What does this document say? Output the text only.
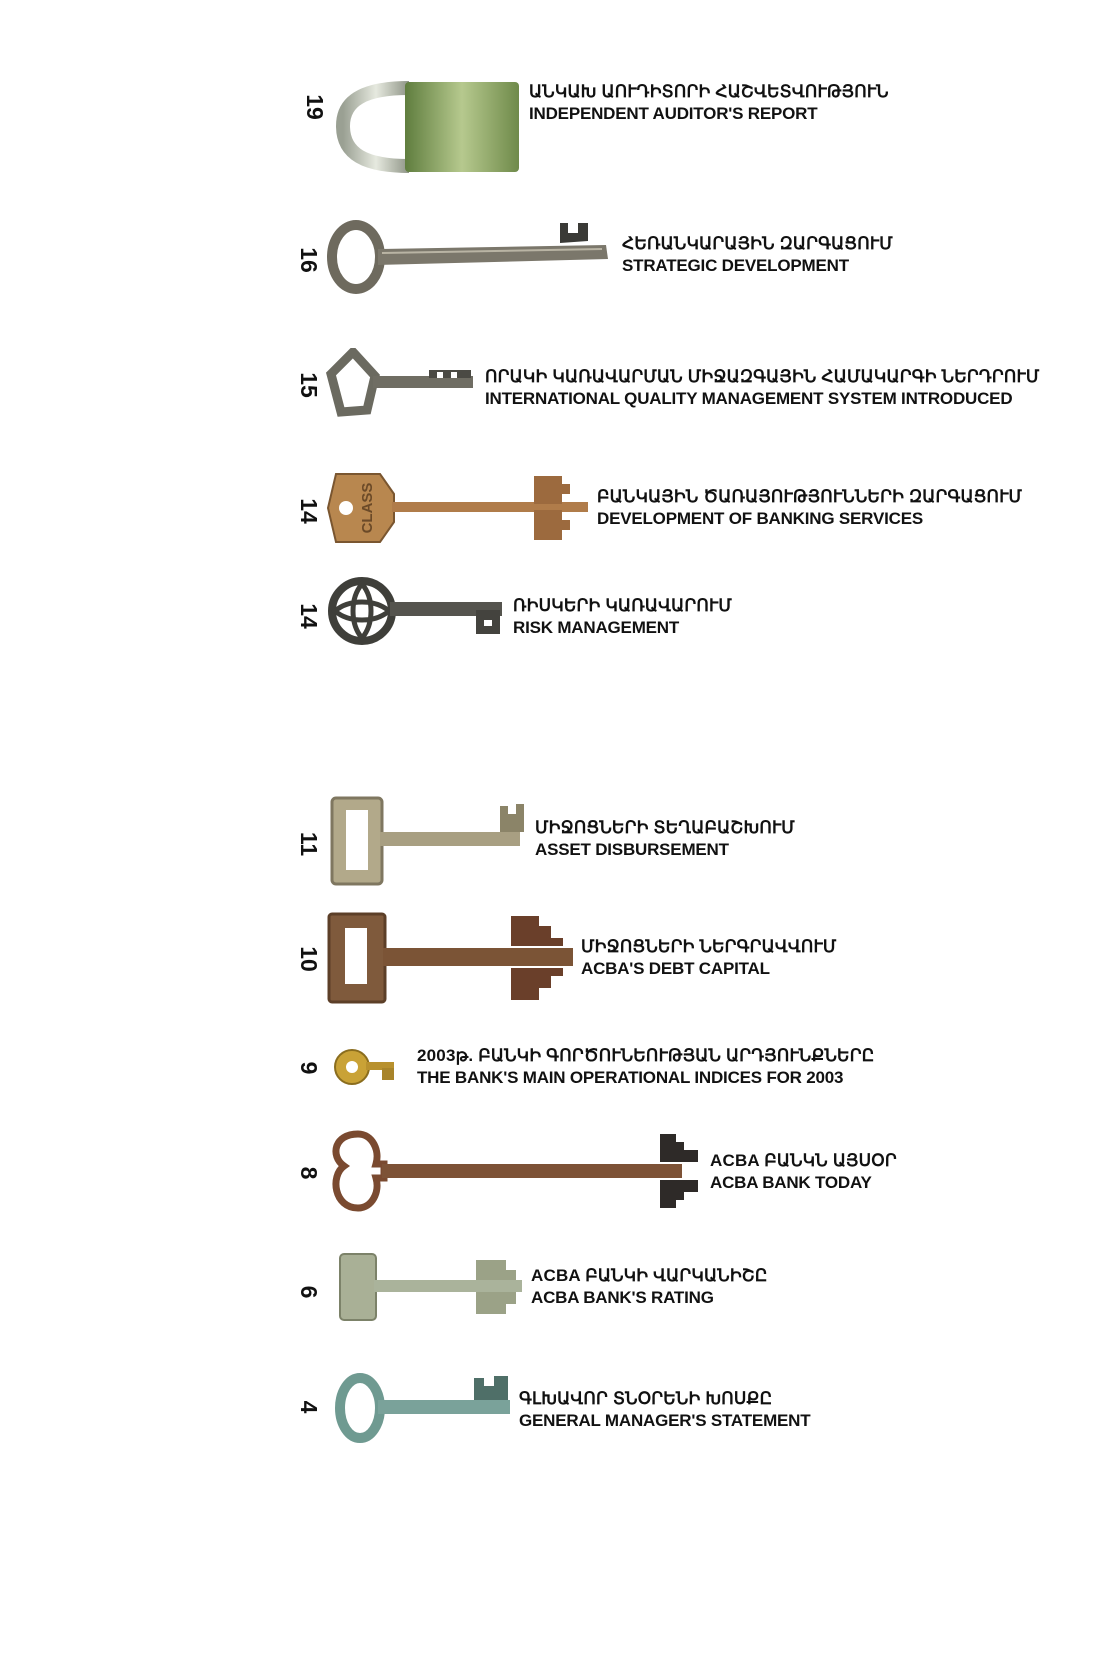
19
ԱՆԿԱԽ ԱՈՒԴԻՏՈՐԻ ՀԱՇՎԵՏՎՈՒԹՅՈՒՆ
INDEPENDENT AUDITOR'S REPORT
16
ՀԵՌԱՆԿԱՐԱՅԻՆ ԶԱՐԳԱՑՈՒՄ
STRATEGIC DEVELOPMENT
15	ՈՐԱԿԻ ԿԱՌԱՎԱՐՄԱՆ ՄԻՋԱԶԳԱՅԻՆ ՀԱՄԱԿԱՐԳԻ ՆԵՐԴՐՈՒՄ
INTERNATIONAL QUALITY MANAGEMENT SYSTEM INTRODUCED
14 CLASS	ԲԱՆԿԱՅԻՆ ԾԱՌԱՅՈՒԹՅՈՒՆՆԵՐԻ ԶԱՐԳԱՑՈՒՄ
DEVELOPMENT OF BANKING SERVICES
14	ՌԻՍԿԵՐԻ ԿԱՌԱՎԱՐՈՒՄ
RISK MANAGEMENT
11
ՄԻՋՈՑՆԵՐԻ ՏԵՂԱԲԱՇԽՈՒՄ
ASSET DISBURSEMENT
10	ՄԻՋՈՑՆԵՐԻ ՆԵՐԳՐԱՎՎՈՒՄ
ACBA'S DEBT CAPITAL
9
2003թ. ԲԱՆԿԻ ԳՈՐԾՈՒՆԵՈՒԹՅԱՆ ԱՐԴՅՈՒՆՔՆԵՐԸ
THE BANK'S MAIN OPERATIONAL INDICES FOR 2003
8
ACBA ԲԱՆԿՆ ԱՅՍՕՐ
ACBA BANK TODAY
6
ACBA ԲԱՆԿԻ ՎԱՐԿԱՆԻՇԸ
ACBA BANK'S RATING
4	ԳԼԽԱՎՈՐ ՏՆՕՐԵՆԻ ԽՈՍՔԸ
GENERAL MANAGER'S STATEMENT
